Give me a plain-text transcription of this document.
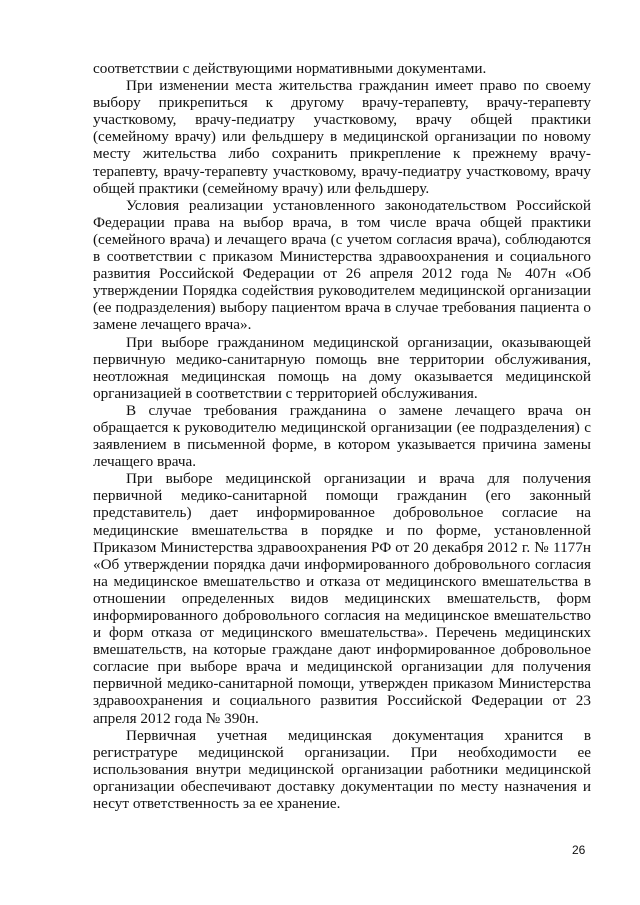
соответствии с действующими нормативными документами.

При изменении места жительства гражданин имеет право по своему выбору прикрепиться к другому врачу-терапевту, врачу-терапевту участковому, врачу-педиатру участковому, врачу общей практики (семейному врачу) или фельдшеру в медицинской организации по новому месту жительства либо сохранить прикрепление к прежнему врачу-терапевту, врачу-терапевту участковому, врачу-педиатру участковому, врачу общей практики (семейному врачу) или фельдшеру.

Условия реализации установленного законодательством Российской Федерации права на выбор врача, в том числе врача общей практики (семейного врача) и лечащего врача (с учетом согласия врача), соблюдаются в соответствии с приказом Министерства здравоохранения и социального развития Российской Федерации от 26 апреля 2012 года № 407н «Об утверждении Порядка содействия руководителем медицинской организации (ее подразделения) выбору пациентом врача в случае требования пациента о замене лечащего врача».

При выборе гражданином медицинской организации, оказывающей первичную медико-санитарную помощь вне территории обслуживания, неотложная медицинская помощь на дому оказывается медицинской организацией в соответствии с территорией обслуживания.

В случае требования гражданина о замене лечащего врача он обращается к руководителю медицинской организации (ее подразделения) с заявлением в письменной форме, в котором указывается причина замены лечащего врача.

При выборе медицинской организации и врача для получения первичной медико-санитарной помощи гражданин (его законный представитель) дает информированное добровольное согласие на медицинские вмешательства в порядке и по форме, установленной Приказом Министерства здравоохранения РФ от 20 декабря 2012 г. № 1177н «Об утверждении порядка дачи информированного добровольного согласия на медицинское вмешательство и отказа от медицинского вмешательства в отношении определенных видов медицинских вмешательств, форм информированного добровольного согласия на медицинское вмешательство и форм отказа от медицинского вмешательства». Перечень медицинских вмешательств, на которые граждане дают информированное добровольное согласие при выборе врача и медицинской организации для получения первичной медико-санитарной помощи, утвержден приказом Министерства здравоохранения и социального развития Российской Федерации от 23 апреля 2012 года № 390н.

Первичная учетная медицинская документация хранится в регистратуре медицинской организации. При необходимости ее использования внутри медицинской организации работники медицинской организации обеспечивают доставку документации по месту назначения и несут ответственность за ее хранение.

26
